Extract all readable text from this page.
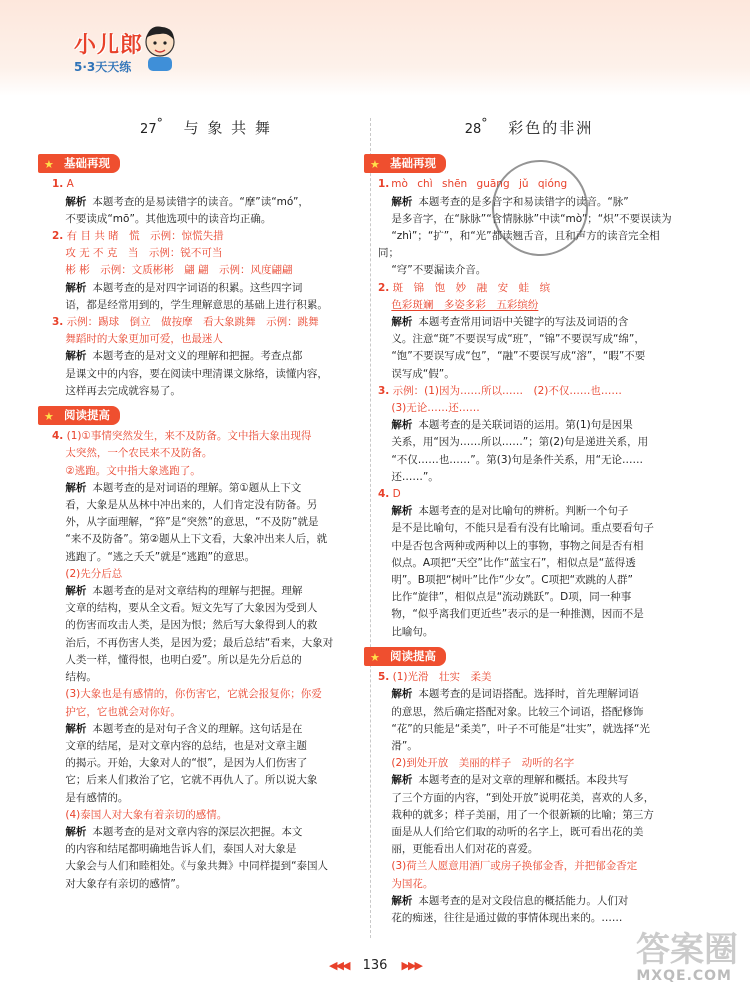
小儿郎
5·3天天练
27° 与 象 共 舞
★ 基础再现
1. A
解析 本题考查的是易读错字的读音。“摩”读“mó”，
不要读成“mō”。其他选项中的读音均正确。
2. 有 目 共 睹　慌　示例：惊慌失措
攻 无 不 克　当　示例：锐不可当
彬 彬　示例：文质彬彬　翩 翩　示例：风度翩翩
解析 本题考查的是对四字词语的积累。这些四字词
语，都是经常用到的，学生理解意思的基础上进行积累。
3. 示例：踢球　倒立　做按摩　看大象跳舞　示例：跳舞
舞蹈时的大象更加可爱，也最迷人
解析 本题考查的是对文义的理解和把握。考查点都
是课文中的内容，要在阅读中理清课文脉络，读懂内容，
这样再去完成就容易了。
★ 阅读提高
4. (1)①事情突然发生，来不及防备。文中指大象出现得
太突然，一个农民来不及防备。
②逃跑。文中指大象逃跑了。
解析 本题考查的是对词语的理解。第①题从上下文
看，大象是从丛林中冲出来的，人们肯定没有防备。另
外，从字面理解，“猝”是“突然”的意思，“不及防”就是
“来不及防备”。第②题从上下文看，大象冲出来人后，就
逃跑了。“逃之夭夭”就是“逃跑”的意思。
(2)先分后总
解析 本题考查的是对文章结构的理解与把握。理解
文章的结构，要从全文看。短文先写了大象因为受到人
的伤害而攻击人类，是因为恨；然后写大象得到人的救
治后，不再伤害人类，是因为爱；最后总结“看来，大象对
人类一样，懂得恨，也明白爱”。所以是先分后总的
结构。
(3)大象也是有感情的，你伤害它，它就会报复你；你爱
护它，它也就会对你好。
解析 本题考查的是对句子含义的理解。这句话是在
文章的结尾，是对文章内容的总结，也是对文章主题
的揭示。开始，大象对人的“恨”，是因为人们伤害了
它；后来人们救治了它，它就不再仇人了。所以说大象
是有感情的。
(4)泰国人对大象有着亲切的感情。
解析 本题考查的是对文章内容的深层次把握。本文
的内容和结尾都明确地告诉人们，泰国人对大象是
大象会与人们和睦相处。《与象共舞》中同样提到“泰国人
对大象存有亲切的感情”。
28° 彩色的非洲
★ 基础再现
1. mò chì shēn guāng jǔ qióng
解析 本题考查的是多音字和易读错字的读音。“脉”
是多音字，在“脉脉”“含情脉脉”中读“mò”；“炽”不要误读为
“zhì”；“扩”，和“光”都读翘舌音，且和声方的读音完全相同；
“穹”不要漏读介音。
2. 斑　锦　饱　妙　融　安　蛙　缤
色彩斑斓　多姿多彩　五彩缤纷
解析 本题考查常用词语中关键字的写法及词语的含
义。注意“斑”不要误写成“班”，“锦”不要误写成“绵”，
“饱”不要误写成“包”，“融”不要误写成“溶”，“暇”不要
误写成“假”。
3. 示例：(1)因为……所以……　(2)不仅……也……
(3)无论……还……
解析 本题考查的是关联词语的运用。第(1)句是因果
关系，用“因为……所以……”；第(2)句是递进关系，用
“不仅……也……”。第(3)句是条件关系，用“无论……
还……”。
4. D
解析 本题考查的是对比喻句的辨析。判断一个句子
是不是比喻句，不能只是看有没有比喻词。重点要看句子
中是否包含两种或两种以上的事物，事物之间是否有相
似点。A项把“天空”比作“蓝宝石”，相似点是“蓝得透
明”。B项把“树叶”比作“少女”。C项把“欢跳的人群”
比作“旋律”，相似点是“流动跳跃”。D项，同一种事
物，“似乎离我们更近些”表示的是一种推测，因而不是
比喻句。
★ 阅读提高
5. (1)光滑　壮实　柔美
解析 本题考查的是词语搭配。选择时，首先理解词语
的意思，然后确定搭配对象。比较三个词语，搭配修饰
“花”的只能是“柔美”，叶子不可能是“壮实”，就选择“光
滑”。
(2)到处开放　美丽的样子　动听的名字
解析 本题考查的是对文章的理解和概括。本段共写
了三个方面的内容，“到处开放”说明花美，喜欢的人多，
栽种的就多；样子美丽，用了一个很新颖的比喻；第三方
面是从人们给它们取的动听的名字上，既可看出花的美
丽，更能看出人们对花的喜爱。
(3)荷兰人愿意用酒厂或房子换郁金香，并把郁金香定
为国花。
解析 本题考查的是对文段信息的概括能力。人们对
花的痴迷，往往是通过做的事情体现出来的。……
◀◀◀ 136 ▶▶▶	答案圈
MXQE.COM
